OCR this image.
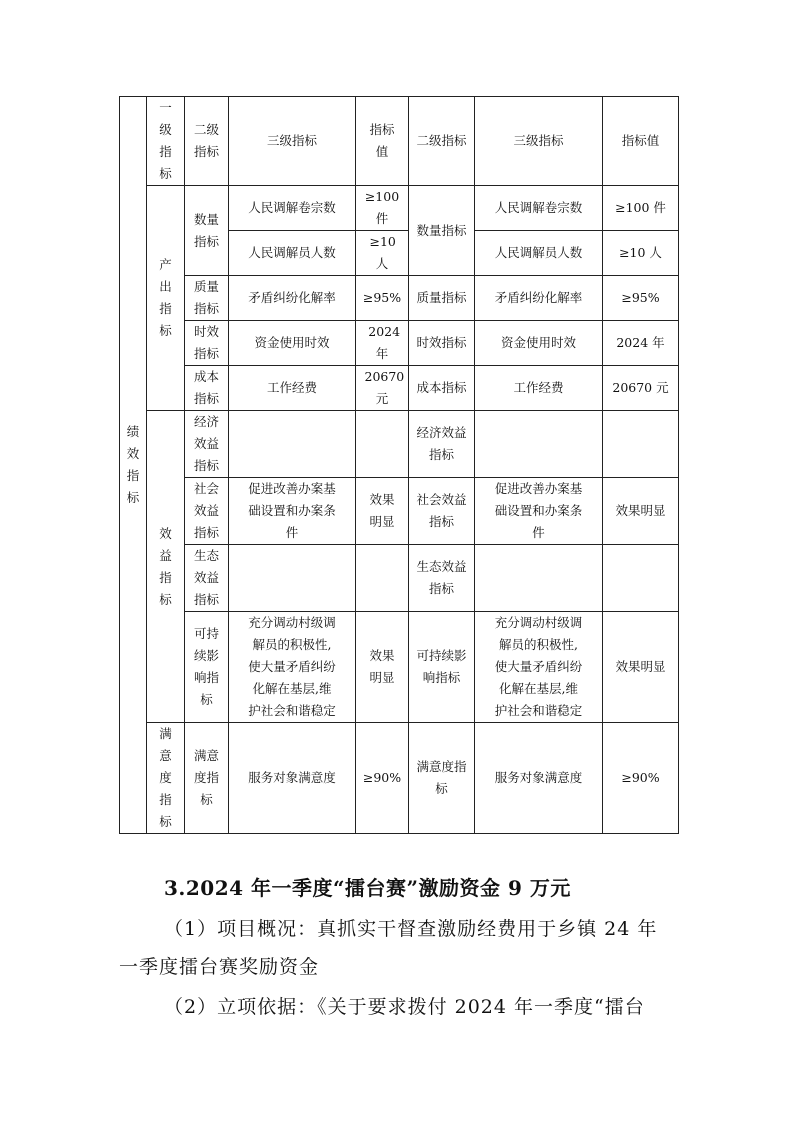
绩效指标	一级指标	二级指标	三级指标	指标值	二级指标	三级指标	指标值

	产出指标	数量指标	人民调解卷宗数	≥100件	数量指标	人民调解卷宗数	≥100 件
			人民调解员人数	≥10人		人民调解员人数	≥10 人

		质量指标	矛盾纠纷化解率	≥95%	质量指标	矛盾纠纷化解率	≥95%

		时效指标	资金使用时效	2024年	时效指标	资金使用时效	2024 年

		成本指标	工作经费	20670元	成本指标	工作经费	20670 元

	效益指标	经济效益指标			经济效益指标		

		社会效益指标	促进改善办案基础设置和办案条件	效果明显	社会效益指标	促进改善办案基础设置和办案条件	效果明显

		生态效益指标			生态效益指标		

		可持续影响指标	充分调动村级调解员的积极性,使大量矛盾纠纷化解在基层,维护社会和谐稳定	效果明显	可持续影响指标	充分调动村级调解员的积极性,使大量矛盾纠纷化解在基层,维护社会和谐稳定	效果明显

	满意度指标	满意度指标	服务对象满意度	≥90%	满意度指标	服务对象满意度	≥90%
3.2024 年一季度“擂台赛”激励资金 9 万元
（1）项目概况：真抓实干督查激励经费用于乡镇 24 年
一季度擂台赛奖励资金
（2）立项依据：《关于要求拨付 2024 年一季度“擂台
